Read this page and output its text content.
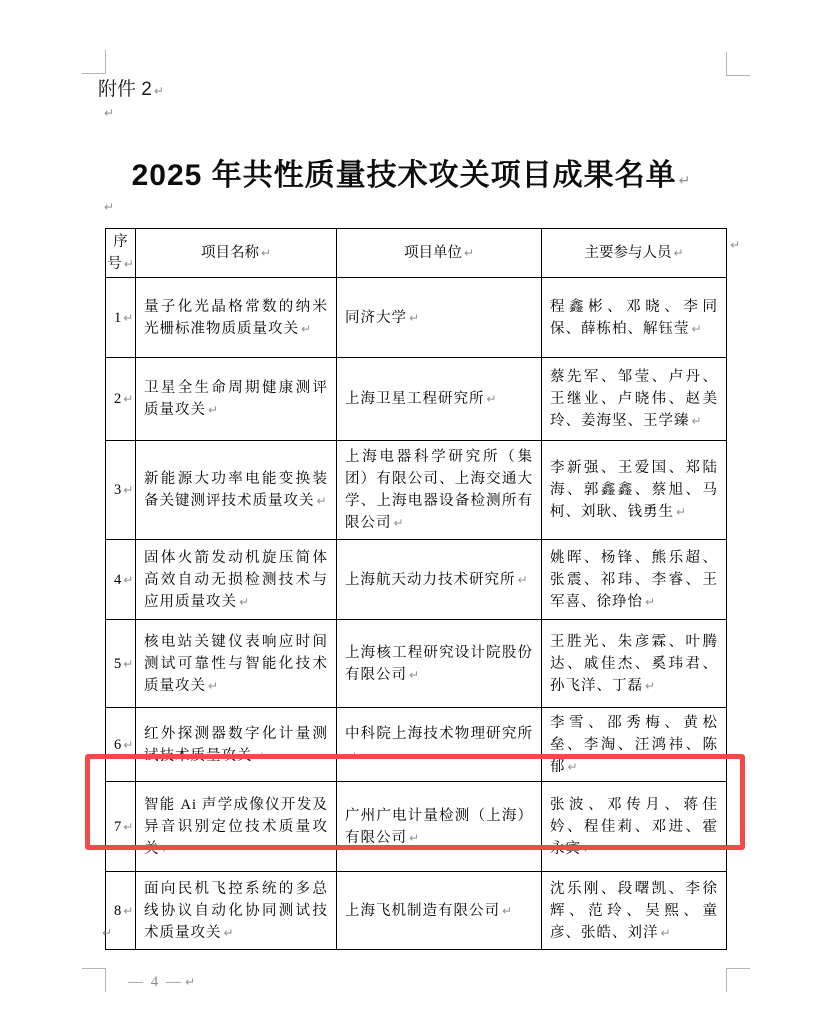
附件 2 ↵
↵
2025 年共性质量技术攻关项目成果名单 ↵
↵
序号 ↵	项目名称 ↵	项目单位 ↵	主要参与人员 ↵
1 ↵	量子化光晶格常数的纳米光栅标准物质质量攻关 ↵	同济大学 ↵	程鑫彬、邓晓、李同保、薛栋柏、解钰莹 ↵

2 ↵	卫星全生命周期健康测评质量攻关 ↵	上海卫星工程研究所 ↵	蔡先军、邹莹、卢丹、王继业、卢晓伟、赵美玲、姜海坚、王学臻 ↵

3 ↵	新能源大功率电能变换装备关键测评技术质量攻关 ↵	上海电器科学研究所（集团）有限公司、上海交通大学、上海电器设备检测所有限公司 ↵	李新强、王爱国、郑陆海、郭鑫鑫、蔡旭、马柯、刘耿、钱勇生 ↵

4 ↵	固体火箭发动机旋压简体高效自动无损检测技术与应用质量攻关 ↵	上海航天动力技术研究所 ↵	姚晖、杨锋、熊乐超、张震、祁玮、李睿、王军喜、徐琤怡 ↵

5 ↵	核电站关键仪表响应时间测试可靠性与智能化技术质量攻关 ↵	上海核工程研究设计院股份有限公司 ↵	王胜光、朱彦霖、叶腾达、戚佳杰、奚玮君、孙飞洋、丁磊 ↵

6 ↵	红外探测器数字化计量测试技术质量攻关 ↵	中科院上海技术物理研究所↵	李雪、邵秀梅、黄松垒、李淘、汪鸿祎、陈郁 ↵

7 ↵	智能 Ai 声学成像仪开发及异音识别定位技术质量攻关 ↵	广州广电计量检测（上海）有限公司 ↵	张波、邓传月、蒋佳妗、程佳莉、邓进、霍永宾 ↵

8 ↵	面向民机飞控系统的多总线协议自动化协同测试技术质量攻关 ↵	上海飞机制造有限公司 ↵	沈乐刚、段曙凯、李徐辉、范玲、吴熙、童彦、张皓、刘洋 ↵
↵
↵
— 4 — ↵
